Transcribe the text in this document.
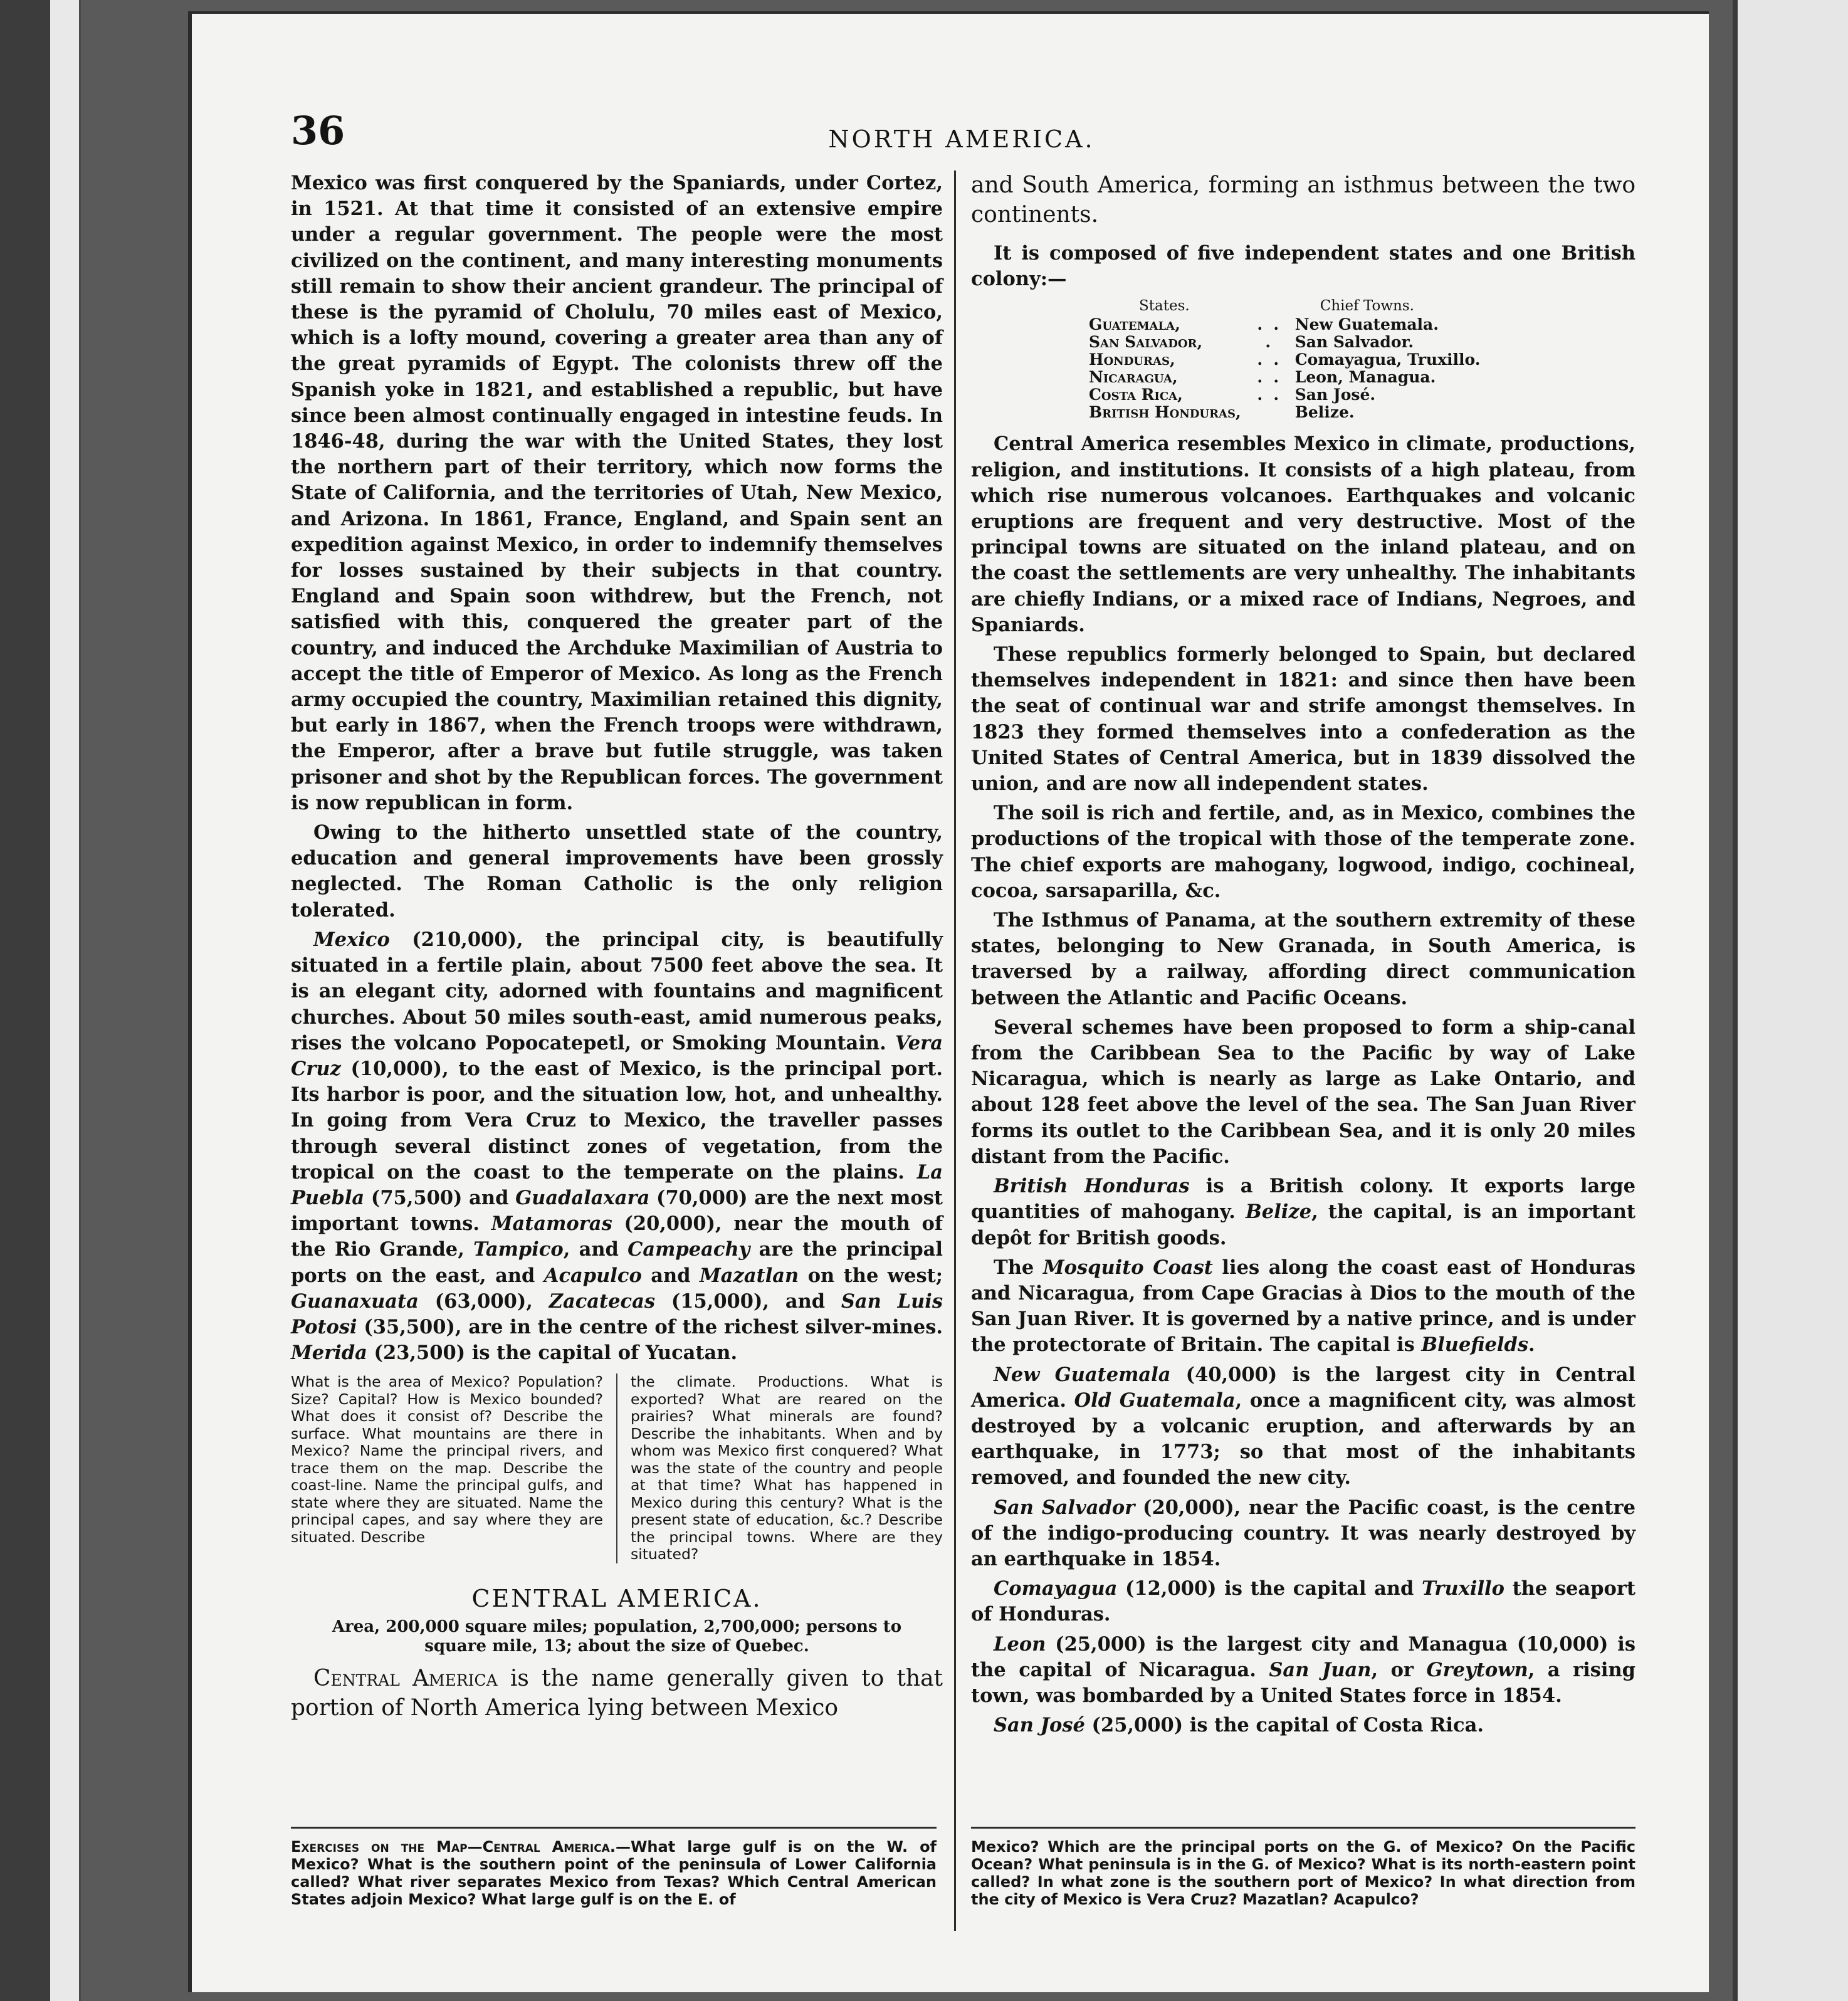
36	NORTH AMERICA.

Mexico was first conquered by the Spaniards, under Cortez, in 1521. At that time it consisted of an extensive empire under a regular government. The people were the most civilized on the continent, and many interesting monuments still remain to show their ancient grandeur. The principal of these is the pyramid of Cholulu, 70 miles east of Mexico, which is a lofty mound, covering a greater area than any of the great pyramids of Egypt. The colonists threw off the Spanish yoke in 1821, and established a republic, but have since been almost continually engaged in intestine feuds. In 1846-48, during the war with the United States, they lost the northern part of their territory, which now forms the State of California, and the territories of Utah, New Mexico, and Arizona. In 1861, France, England, and Spain sent an expedition against Mexico, in order to indemnify themselves for losses sustained by their subjects in that country. England and Spain soon withdrew, but the French, not satisfied with this, conquered the greater part of the country, and induced the Archduke Maximilian of Austria to accept the title of Emperor of Mexico. As long as the French army occupied the country, Maximilian retained this dignity, but early in 1867, when the French troops were withdrawn, the Emperor, after a brave but futile struggle, was taken prisoner and shot by the Republican forces. The government is now republican in form.

Owing to the hitherto unsettled state of the country, education and general improvements have been grossly neglected. The Roman Catholic is the only religion tolerated.

Mexico (210,000), the principal city, is beautifully situated in a fertile plain, about 7500 feet above the sea. It is an elegant city, adorned with fountains and magnificent churches. About 50 miles south-east, amid numerous peaks, rises the volcano Popocatepetl, or Smoking Mountain. Vera Cruz (10,000), to the east of Mexico, is the principal port. Its harbor is poor, and the situation low, hot, and unhealthy. In going from Vera Cruz to Mexico, the traveller passes through several distinct zones of vegetation, from the tropical on the coast to the temperate on the plains. La Puebla (75,500) and Guadalaxara (70,000) are the next most important towns. Matamoras (20,000), near the mouth of the Rio Grande, Tampico, and Campeachy are the principal ports on the east, and Acapulco and Mazatlan on the west; Guanaxuata (63,000), Zacatecas (15,000), and San Luis Potosi (35,500), are in the centre of the richest silver-mines. Merida (23,500) is the capital of Yucatan.

What is the area of Mexico? Population? Size? Capital? How is Mexico bounded? What does it consist of? Describe the surface. What mountains are there in Mexico? Name the principal rivers, and trace them on the map. Describe the coast-line. Name the principal gulfs, and state where they are situated. Name the principal capes, and say where they are situated. Describe
the climate. Productions. What is exported? What are reared on the prairies? What minerals are found? Describe the inhabitants. When and by whom was Mexico first conquered? What was the state of the country and people at that time? What has happened in Mexico during this century? What is the present state of education, &c.? Describe the principal towns. Where are they situated?
CENTRAL AMERICA.
Area, 200,000 square miles; population, 2,700,000; persons to square mile, 13; about the size of Quebec.

Central America is the name generally given to that portion of North America lying between Mexico

and South America, forming an isthmus between the two continents.

It is composed of five independent states and one British colony:—

States.		Chief Towns.
Guatemala,	.  .	New Guatemala.
San Salvador,	.	San Salvador.
Honduras,	.  .	Comayagua, Truxillo.
Nicaragua,	.  .	Leon, Managua.
Costa Rica,	.  .	San José.
British Honduras,		Belize.

Central America resembles Mexico in climate, productions, religion, and institutions. It consists of a high plateau, from which rise numerous volcanoes. Earthquakes and volcanic eruptions are frequent and very destructive. Most of the principal towns are situated on the inland plateau, and on the coast the settlements are very unhealthy. The inhabitants are chiefly Indians, or a mixed race of Indians, Negroes, and Spaniards.

These republics formerly belonged to Spain, but declared themselves independent in 1821: and since then have been the seat of continual war and strife amongst themselves. In 1823 they formed themselves into a confederation as the United States of Central America, but in 1839 dissolved the union, and are now all independent states.

The soil is rich and fertile, and, as in Mexico, combines the productions of the tropical with those of the temperate zone. The chief exports are mahogany, logwood, indigo, cochineal, cocoa, sarsaparilla, &c.

The Isthmus of Panama, at the southern extremity of these states, belonging to New Granada, in South America, is traversed by a railway, affording direct communication between the Atlantic and Pacific Oceans.

Several schemes have been proposed to form a ship-canal from the Caribbean Sea to the Pacific by way of Lake Nicaragua, which is nearly as large as Lake Ontario, and about 128 feet above the level of the sea. The San Juan River forms its outlet to the Caribbean Sea, and it is only 20 miles distant from the Pacific.

British Honduras is a British colony. It exports large quantities of mahogany. Belize, the capital, is an important depôt for British goods.

The Mosquito Coast lies along the coast east of Honduras and Nicaragua, from Cape Gracias à Dios to the mouth of the San Juan River. It is governed by a native prince, and is under the protectorate of Britain. The capital is Bluefields.

New Guatemala (40,000) is the largest city in Central America. Old Guatemala, once a magnificent city, was almost destroyed by a volcanic eruption, and afterwards by an earthquake, in 1773; so that most of the inhabitants removed, and founded the new city.

San Salvador (20,000), near the Pacific coast, is the centre of the indigo-producing country. It was nearly destroyed by an earthquake in 1854.

Comayagua (12,000) is the capital and Truxillo the seaport of Honduras.

Leon (25,000) is the largest city and Managua (10,000) is the capital of Nicaragua. San Juan, or Greytown, a rising town, was bombarded by a United States force in 1854.

San José (25,000) is the capital of Costa Rica.

Exercises on the Map—Central America.—What large gulf is on the W. of Mexico? What is the southern point of the peninsula of Lower California called? What river separates Mexico from Texas? Which Central American States adjoin Mexico? What large gulf is on the E. of
Mexico? Which are the principal ports on the G. of Mexico? On the Pacific Ocean? What peninsula is in the G. of Mexico? What is its north-eastern point called? In what zone is the southern port of Mexico? In what direction from the city of Mexico is Vera Cruz? Mazatlan? Acapulco?
